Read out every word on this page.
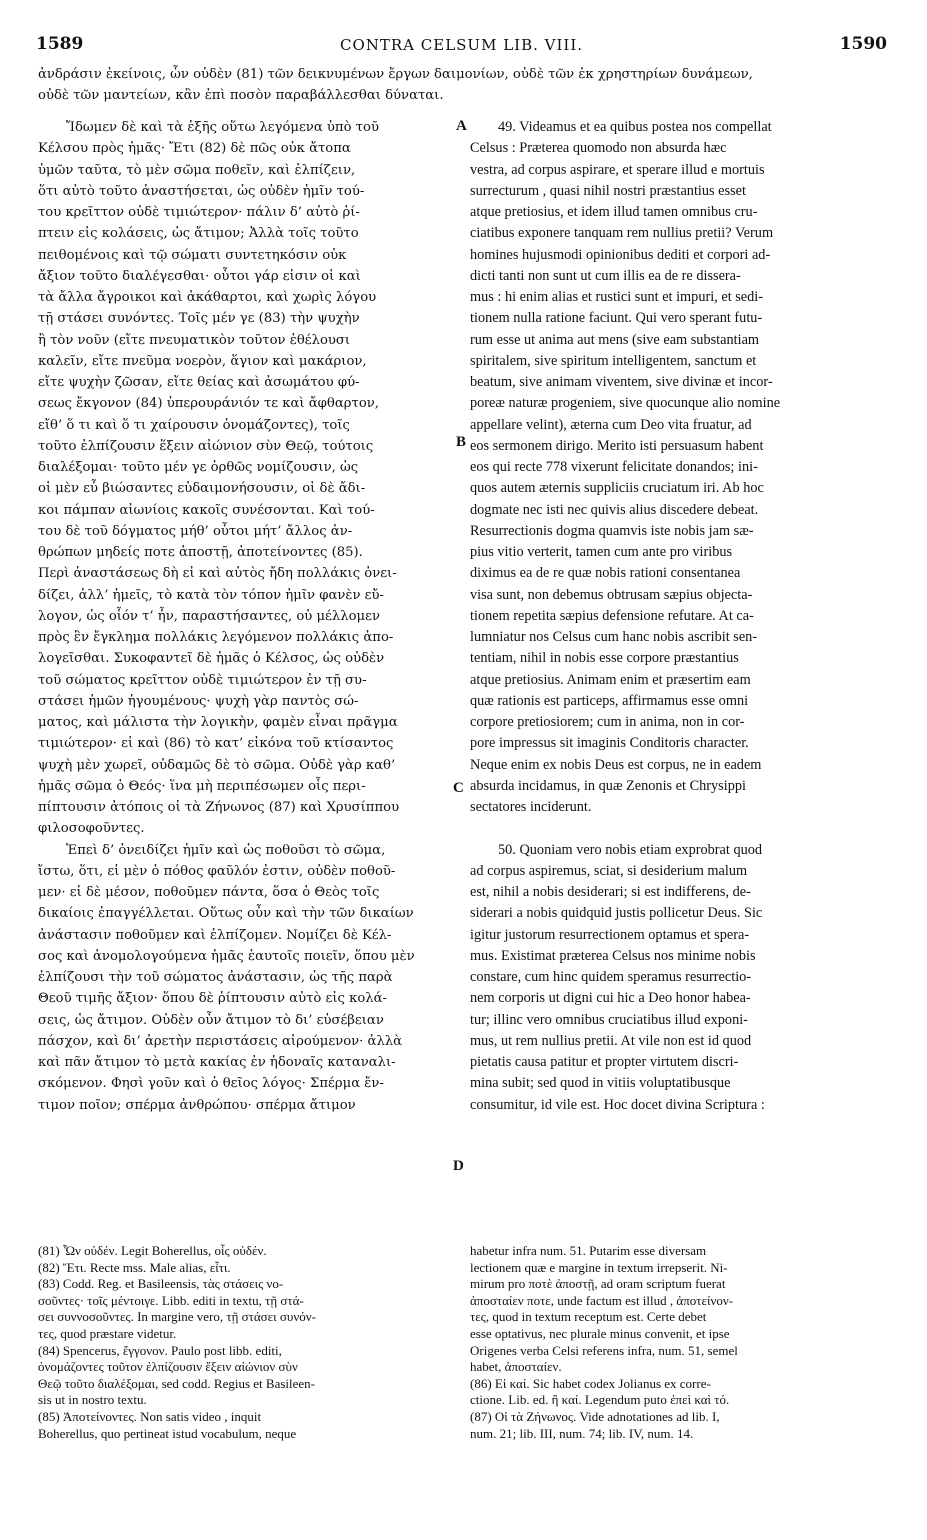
1589	CONTRA CELSUM LIB. VIII.	1590
ἀνδράσιν ἐκείνοις, ὧν οὐδὲν (81) τῶν δεικνυμένων ἔργων δαιμονίων, οὐδὲ τῶν ἐκ χρηστηρίων δυνάμεων,
οὐδὲ τῶν μαντείων, κἂν ἐπὶ ποσὸν παραβάλλεσθαι δύναται.
Ἴδωμεν δὲ καὶ τὰ ἑξῆς οὕτω λεγόμενα ὑπὸ τοῦ
Κέλσου πρὸς ἡμᾶς· Ἔτι (82) δὲ πῶς οὐκ ἄτοπα
ὑμῶν ταῦτα, τὸ μὲν σῶμα ποθεῖν, καὶ ἐλπίζειν,
ὅτι αὐτὸ τοῦτο ἀναστήσεται, ὡς οὐδὲν ἡμῖν τού-
του κρεῖττον οὐδὲ τιμιώτερον· πάλιν δ’ αὐτὸ ῥί-
πτειν εἰς κολάσεις, ὡς ἄτιμον; Ἀλλὰ τοῖς τοῦτο
πειθομένοις καὶ τῷ σώματι συντετηκόσιν οὐκ
ἄξιον τοῦτο διαλέγεσθαι· οὗτοι γάρ εἰσιν οἱ καὶ
τὰ ἄλλα ἄγροικοι καὶ ἀκάθαρτοι, καὶ χωρὶς λόγου
τῇ στάσει συνόντες. Τοῖς μέν γε (83) τὴν ψυχὴν
ἢ τὸν νοῦν (εἴτε πνευματικὸν τοῦτον ἐθέλουσι
καλεῖν, εἴτε πνεῦμα νοερὸν, ἅγιον καὶ μακάριον,
εἴτε ψυχὴν ζῶσαν, εἴτε θείας καὶ ἀσωμάτου φύ-
σεως ἔκγονον (84) ὑπερουράνιόν τε καὶ ἄφθαρτον,
εἴθ’ ὅ τι καὶ ὅ τι χαίρουσιν ὀνομάζοντες), τοῖς
τοῦτο ἐλπίζουσιν ἕξειν αἰώνιον σὺν Θεῷ, τούτοις
διαλέξομαι· τοῦτο μέν γε ὀρθῶς νομίζουσιν, ὡς
οἱ μὲν εὖ βιώσαντες εὐδαιμονήσουσιν, οἱ δὲ ἄδι-
κοι πάμπαν αἰωνίοις κακοῖς συνέσονται. Καὶ τού-
του δὲ τοῦ δόγματος μήθ’ οὗτοι μήτ’ ἄλλος ἀν-
θρώπων μηδείς ποτε ἀποστῇ, ἀποτείνοντες (85).
Περὶ ἀναστάσεως δὴ εἰ καὶ αὐτὸς ἤδη πολλάκις ὀνει-
δίζει, ἀλλ’ ἡμεῖς, τὸ κατὰ τὸν τόπον ἡμῖν φανὲν εὔ-
λογον, ὡς οἷόν τ’ ἦν, παραστήσαντες, οὐ μέλλομεν
πρὸς ἓν ἔγκλημα πολλάκις λεγόμενον πολλάκις ἀπο-
λογεῖσθαι. Συκοφαντεῖ δὲ ἡμᾶς ὁ Κέλσος, ὡς οὐδὲν
τοῦ σώματος κρεῖττον οὐδὲ τιμιώτερον ἐν τῇ συ-
στάσει ἡμῶν ἡγουμένους· ψυχὴ γὰρ παντὸς σώ-
ματος, καὶ μάλιστα τὴν λογικὴν, φαμὲν εἶναι πρᾶγμα
τιμιώτερον· εἰ καὶ (86) τὸ κατ’ εἰκόνα τοῦ κτίσαντος
ψυχὴ μὲν χωρεῖ, οὐδαμῶς δὲ τὸ σῶμα. Οὐδὲ γὰρ καθ’
ἡμᾶς σῶμα ὁ Θεός· ἵνα μὴ περιπέσωμεν οἷς περι-
πίπτουσιν ἀτόποις οἱ τὰ Ζήνωνος (87) καὶ Χρυσίππου
φιλοσοφοῦντες.
Ἐπεὶ δ’ ὀνειδίζει ἡμῖν καὶ ὡς ποθοῦσι τὸ σῶμα,
ἴστω, ὅτι, εἰ μὲν ὁ πόθος φαῦλόν ἐστιν, οὐδὲν ποθοῦ-
μεν· εἰ δὲ μέσον, ποθοῦμεν πάντα, ὅσα ὁ Θεὸς τοῖς
δικαίοις ἐπαγγέλλεται. Οὕτως οὖν καὶ τὴν τῶν δικαίων
ἀνάστασιν ποθοῦμεν καὶ ἐλπίζομεν. Νομίζει δὲ Κέλ-
σος καὶ ἀνομολογούμενα ἡμᾶς ἑαυτοῖς ποιεῖν, ὅπου μὲν
ἐλπίζουσι τὴν τοῦ σώματος ἀνάστασιν, ὡς τῆς παρὰ
Θεοῦ τιμῆς ἄξιον· ὅπου δὲ ῥίπτουσιν αὐτὸ εἰς κολά-
σεις, ὡς ἄτιμον. Οὐδὲν οὖν ἄτιμον τὸ δι’ εὐσέβειαν
πάσχον, καὶ δι’ ἀρετὴν περιστάσεις αἱρούμενον· ἀλλὰ
καὶ πᾶν ἄτιμον τὸ μετὰ κακίας ἐν ἡδοναῖς καταναλι-
σκόμενον. Φησὶ γοῦν καὶ ὁ θεῖος λόγος· Σπέρμα ἔν-
τιμον ποῖον; σπέρμα ἀνθρώπου· σπέρμα ἄτιμον
49. Videamus et ea quibus postea nos compellat
Celsus : Præterea quomodo non absurda hæc
vestra, ad corpus aspirare, et sperare illud e mortuis
surrecturum , quasi nihil nostri præstantius esset
atque pretiosius, et idem illud tamen omnibus cru-
ciatibus exponere tanquam rem nullius pretii? Verum
homines hujusmodi opinionibus dediti et corpori ad-
dicti tanti non sunt ut cum illis ea de re disserа-
mus : hi enim alias et rustici sunt et impuri, et sedi-
tionem nulla ratione faciunt. Qui vero sperant futu-
rum esse ut anima aut mens (sive eam substantiam
spiritalem, sive spiritum intelligentem, sanctum et
beatum, sive animam viventem, sive divinæ et incor-
poreæ naturæ progeniem, sive quocunque alio nomine
appellare velint), æterna cum Deo vita fruatur, ad
eos sermonem dirigo. Merito isti persuasum habent
eos qui recte 778 vixerunt felicitate donandos; ini-
quos autem æternis suppliciis cruciatum iri. Ab hoc
dogmate nec isti nec quivis alius discedere debeat.
Resurrectionis dogma quamvis iste nobis jam sæ-
pius vitio verterit, tamen cum ante pro viribus
diximus ea de re quæ nobis rationi consentanea
visa sunt, non debemus obtrusam sæpius objecta-
tionem repetita sæpius defensione refutare. At ca-
lumniatur nos Celsus cum hanc nobis ascribit sen-
tentiam, nihil in nobis esse corpore præstantius
atque pretiosius. Animam enim et præsertim eam
quæ rationis est particeps, affirmamus esse omni
corpore pretiosiorem; cum in anima, non in cor-
pore impressus sit imaginis Conditoris character.
Neque enim ex nobis Deus est corpus, ne in eadem
absurda incidamus, in quæ Zenonis et Chrysippi
sectatores inciderunt.

50. Quoniam vero nobis etiam exprobrat quod
ad corpus aspiremus, sciat, si desiderium malum
est, nihil a nobis desiderari; si est indifferens, de-
siderari a nobis quidquid justis pollicetur Deus. Sic
igitur justorum resurrectionem optamus et spera-
mus. Existimat præterea Celsus nos minime nobis
constare, cum hinc quidem speramus resurrectio-
nem corporis ut digni cui hic a Deo honor habea-
tur; illinc vero omnibus cruciatibus illud exponi-
mus, ut rem nullius pretii. At vile non est id quod
pietatis causa patitur et propter virtutem discri-
mina subit; sed quod in vitiis voluptatibusque
consumitur, id vile est. Hoc docet divina Scriptura :
A
B
C
D
(81) Ὧν οὐδέν. Legit Boherellus, οἷς οὐδέν.
(82) Ἔτι. Recte mss. Male alias, εἶτι.
(83) Codd. Reg. et Basileensis, τὰς στάσεις νο-
σοῦντες· τοῖς μέντοιγε. Libb. editi in textu, τῇ στά-
σει συννοσοῦντες. In margine vero, τῇ στάσει συνόν-
τες, quod præstare videtur.
(84) Spencerus, ἔγγονον. Paulo post libb. editi,
ὀνομάζοντες τοῦτον ἐλπίζουσιν ἕξειν αἰώνιον σὺν
Θεῷ τοῦτο διαλέξομαι, sed codd. Regius et Basileen-
sis ut in nostro textu.
(85) Ἀποτείνοντες. Non satis video , inquit
Boherellus, quo pertineat istud vocabulum, neque
habetur infra num. 51. Putarim esse diversam
lectionem quæ e margine in textum irrepserit. Ni-
mirum pro ποτὲ ἀποστῇ, ad oram scriptum fuerat
ἀποσταίεν ποτε, unde factum est illud , ἀποτείνον-
τες, quod in textum receptum est. Certe debet
esse optativus, nec plurale minus convenit, et ipse
Origenes verba Celsi referens infra, num. 51, semel
habet, ἀποσταίεν.
(86) Εἰ καί. Sic habet codex Jolianus ex corre-
ctione. Lib. ed. ἢ καί. Legendum puto ἐπεὶ καὶ τό.
(87) Οἱ τὰ Ζήνωνος. Vide adnotationes ad lib. I,
num. 21; lib. III, num. 74; lib. IV, num. 14.
